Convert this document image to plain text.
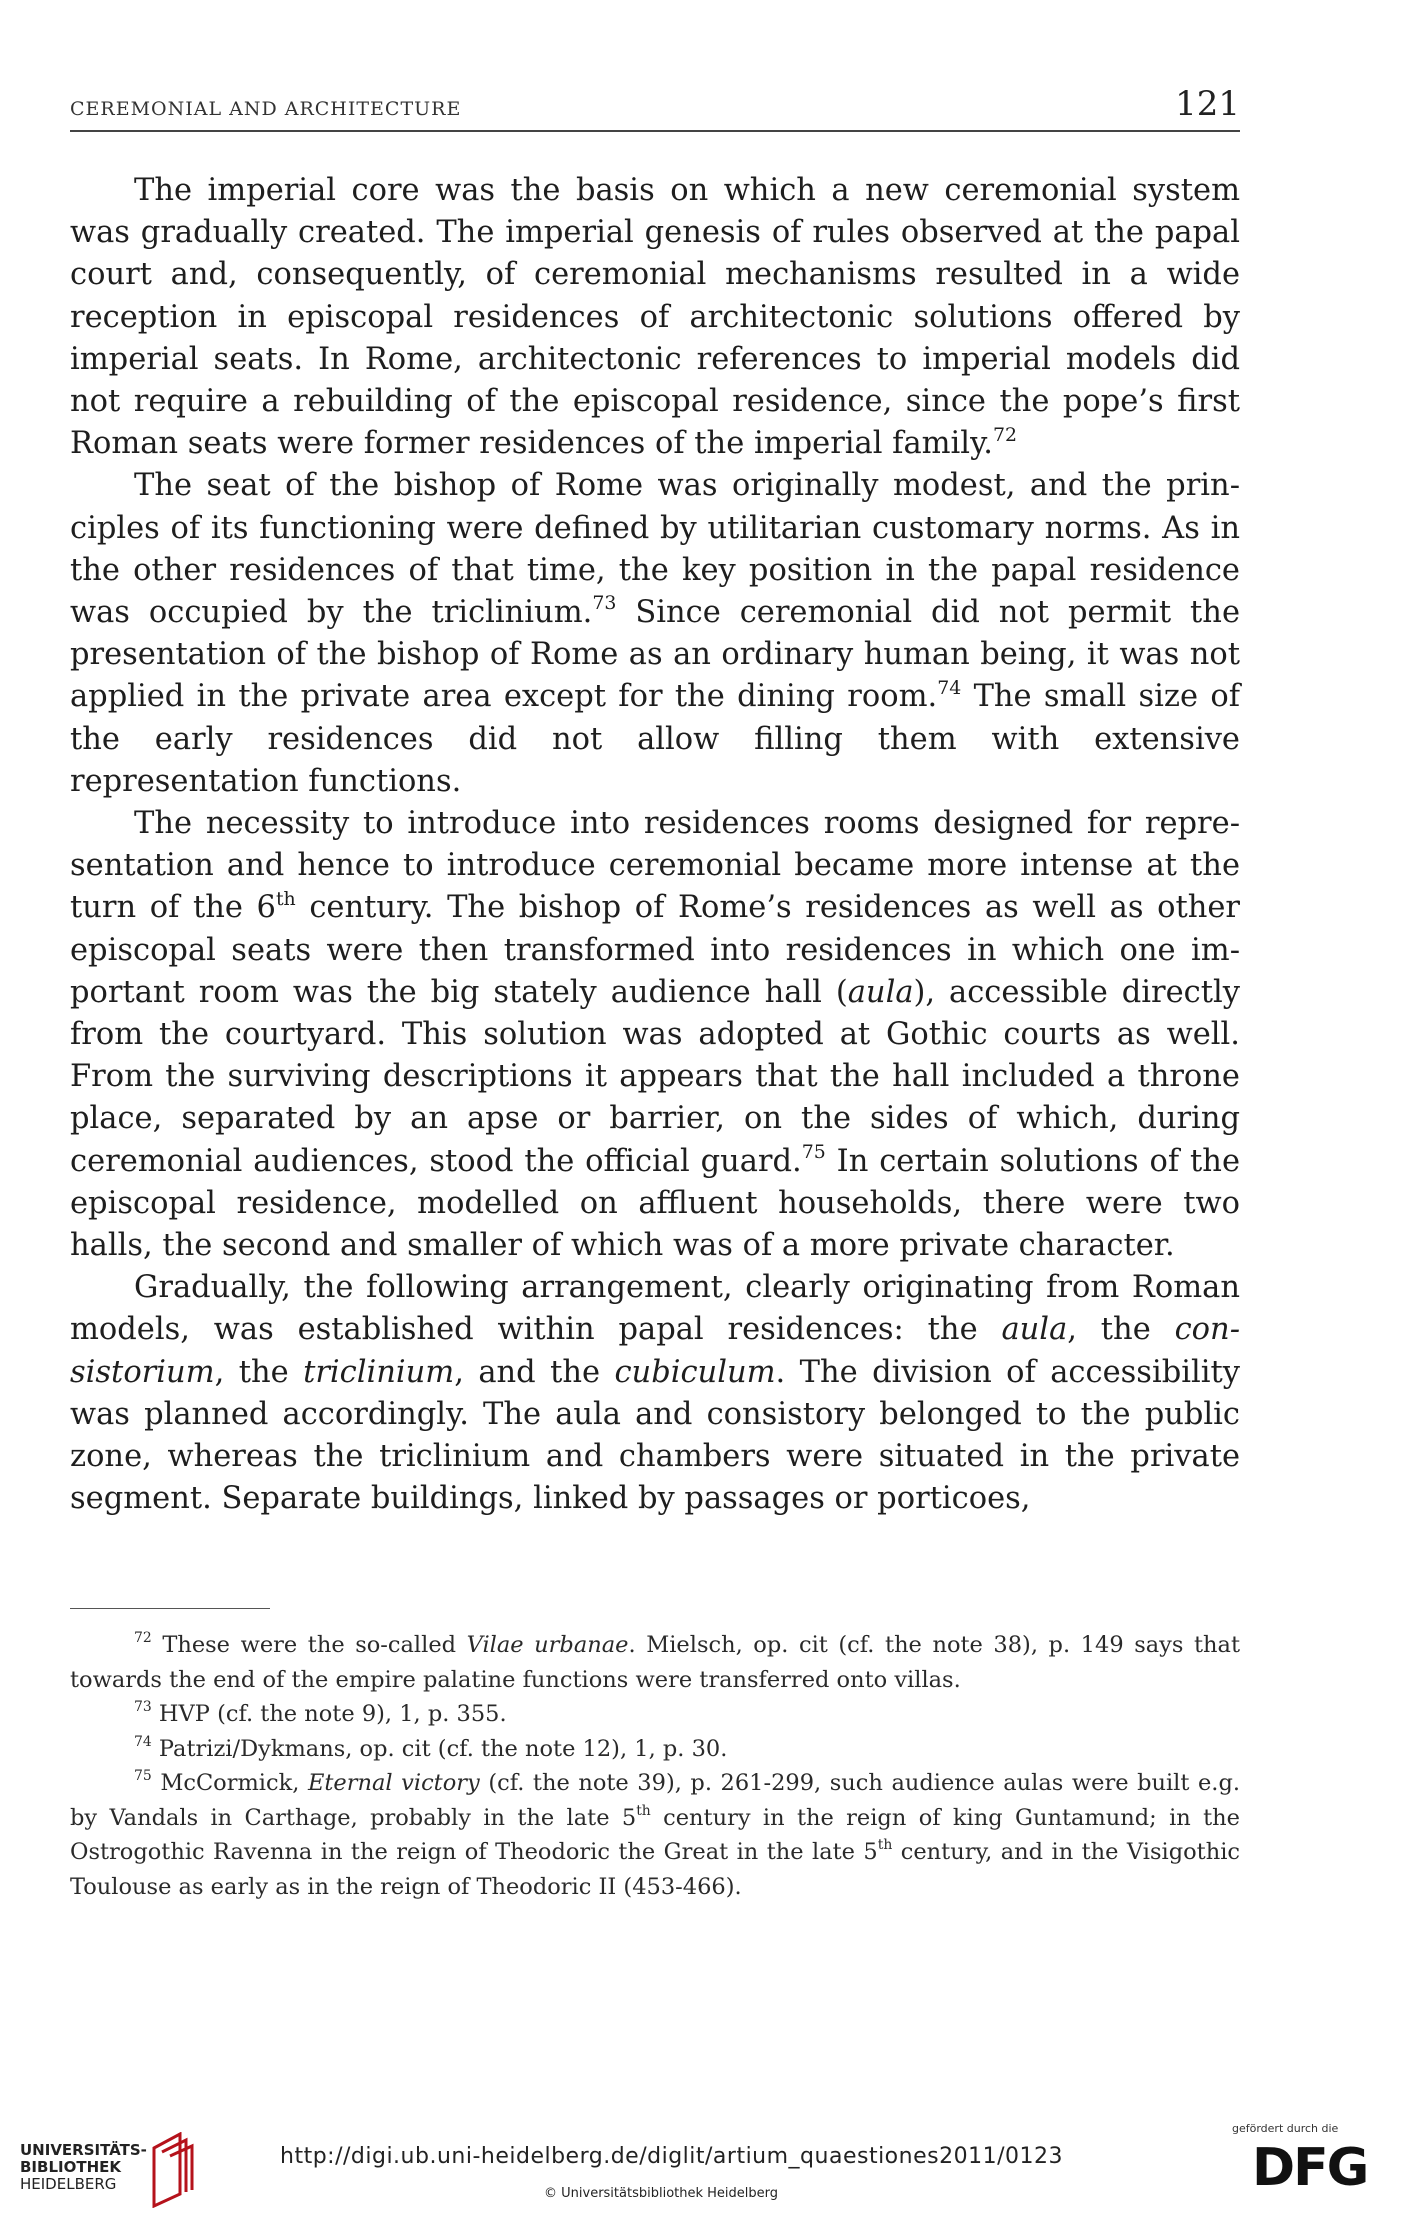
CEREMONIAL AND ARCHITECTURE	121

The imperial core was the basis on which a new ceremonial system was gradually created. The imperial genesis of rules observed at the papal court and, consequently, of ceremonial mechanisms resulted in a wide reception in episcopal residences of architectonic solutions offered by imperial seats. In Rome, architectonic references to imperial models did not require a rebuilding of the episcopal residence, since the pope’s first Roman seats were former residences of the imperial family.$^{72}$

The seat of the bishop of Rome was originally modest, and the principles of its functioning were defined by utilitarian customary norms. As in the other residences of that time, the key position in the papal residence was occupied by the triclinium.$^{73}$ Since ceremonial did not permit the presentation of the bishop of Rome as an ordinary human being, it was not applied in the private area except for the dining room.$^{74}$ The small size of the early residences did not allow filling them with extensive representation functions.

The necessity to introduce into residences rooms designed for representation and hence to introduce ceremonial became more intense at the turn of the 6th century. The bishop of Rome’s residences as well as other episcopal seats were then transformed into residences in which one important room was the big stately audience hall (aula), accessible directly from the courtyard. This solution was adopted at Gothic courts as well. From the surviving descriptions it appears that the hall included a throne place, separated by an apse or barrier, on the sides of which, during ceremonial audiences, stood the official guard.$^{75}$ In certain solutions of the episcopal residence, modelled on affluent households, there were two halls, the second and smaller of which was of a more private character.

Gradually, the following arrangement, clearly originating from Roman models, was established within papal residences: the aula, the consistorium, the triclinium, and the cubiculum. The division of accessibility was planned accordingly. The aula and consistory belonged to the public zone, whereas the triclinium and chambers were situated in the private segment. Separate buildings, linked by passages or porticoes,

$^{72}$ These were the so-called Vilae urbanae. Mielsch, op. cit (cf. the note 38), p. 149 says that towards the end of the empire palatine functions were transferred onto villas.

$^{73}$ HVP (cf. the note 9), 1, p. 355.

$^{74}$ Patrizi/Dykmans, op. cit (cf. the note 12), 1, p. 30.

$^{75}$ McCormick, Eternal victory (cf. the note 39), p. 261-299, such audience aulas were built e.g. by Vandals in Carthage, probably in the late 5th century in the reign of king Guntamund; in the Ostrogothic Ravenna in the reign of Theodoric the Great in the late 5th century, and in the Visigothic Toulouse as early as in the reign of Theodoric II (453-466).

UNIVERSITÄTS-
BIBLIOTHEK
HEIDELBERG
http://digi.ub.uni-heidelberg.de/diglit/artium_quaestiones2011/0123
© Universitätsbibliothek Heidelberg
gefördert durch die
DFG
